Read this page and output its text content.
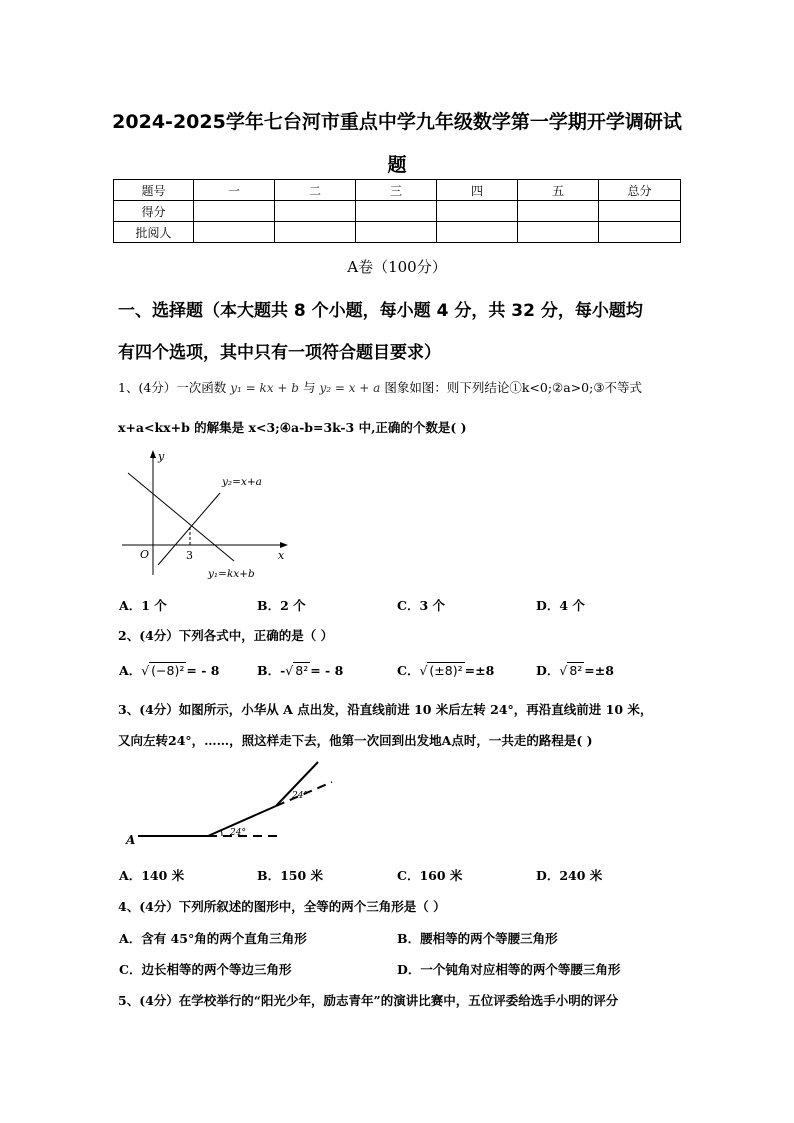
2024-2025学年七台河市重点中学九年级数学第一学期开学调研试
题
题号	一	二	三	四	五	总分
得分						
批阅人						
A卷（100分）
一、选择题（本大题共 8 个小题，每小题 4 分，共 32 分，每小题均
有四个选项，其中只有一项符合题目要求）
1、(4分）一次函数 y₁ = kx + b 与 y₂ = x + a 图象如图：则下列结论①k<0;②a>0;③不等式
x+a<kx+b 的解集是 x<3;④a-b=3k-3 中,正确的个数是( )
y
x
O	3
y₂=x+a
y₁=kx+b
A．1 个	B．2 个	C．3 个	D．4 个
2、(4分）下列各式中，正确的是（ ）
A．√ (−8)² = - 8	B．-√ 8² = - 8	C．√ (±8)² =±8	D．√ 8² =±8
3、(4分）如图所示，小华从 A 点出发，沿直线前进 10 米后左转 24°，再沿直线前进 10 米，
又向左转24°，……，照这样走下去，他第一次回到出发地A点时，一共走的路程是( )
A	24°
24°
A．140 米	B．150 米	C．160 米	D．240 米
4、(4分）下列所叙述的图形中，全等的两个三角形是（ ）
A．含有 45°角的两个直角三角形	B．腰相等的两个等腰三角形
C．边长相等的两个等边三角形	D．一个钝角对应相等的两个等腰三角形
5、(4分）在学校举行的“阳光少年，励志青年”的演讲比赛中，五位评委给选手小明的评分
